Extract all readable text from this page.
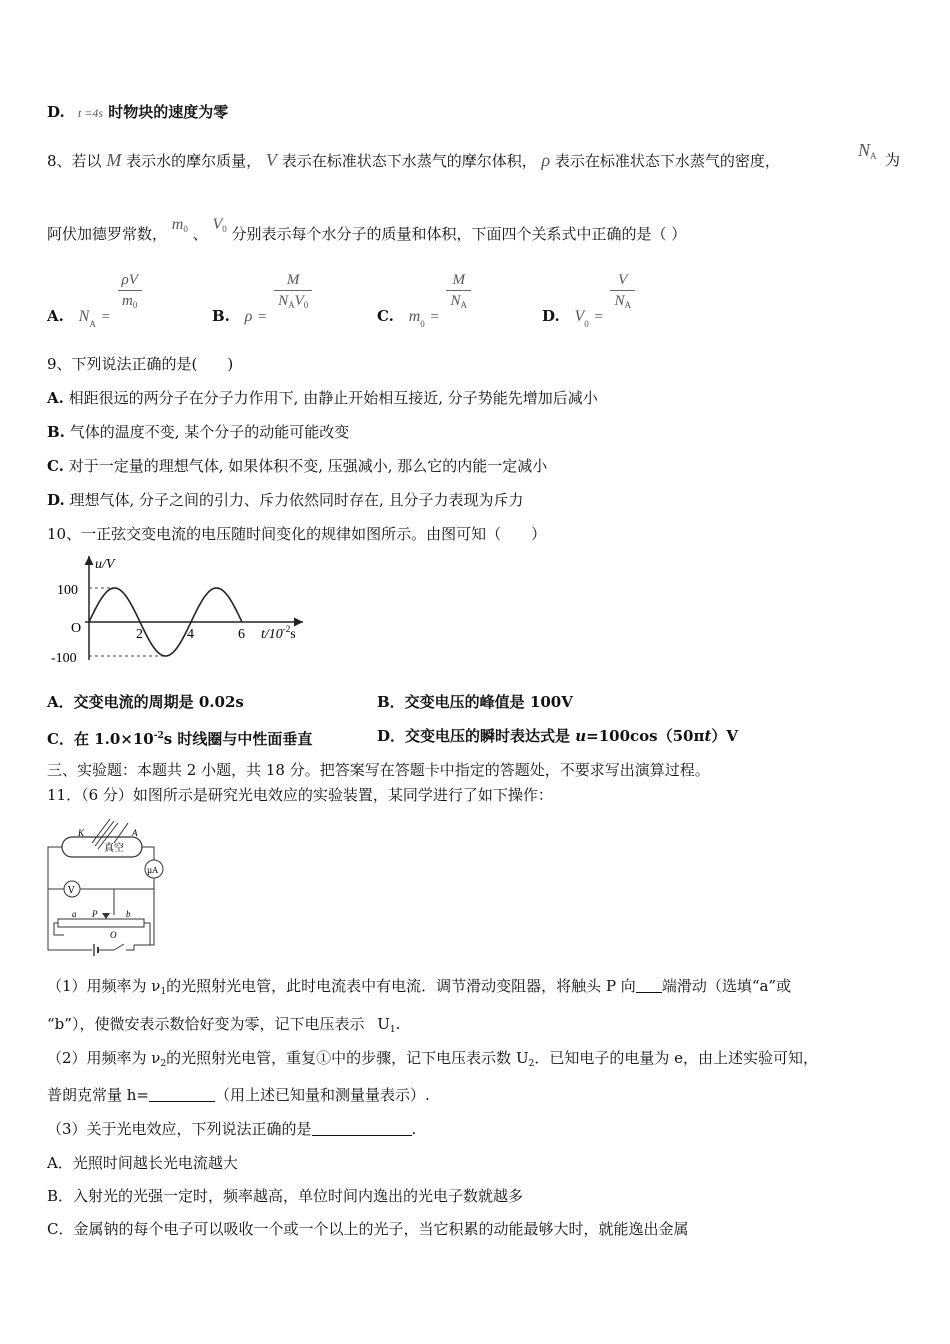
D. t =4s 时物块的速度为零
8、若以 M 表示水的摩尔质量， V 表示在标准状态下水蒸气的摩尔体积， ρ 表示在标准状态下水蒸气的密度，
$N_A$ 为
阿伏加德罗常数， $m_0$ 、 $V_0$ 分别表示每个水分子的质量和体积，下面四个关系式中正确的是（ ）
A. $N_A$ =
$\frac{\rho V}{m_0}$
B. ρ =
$\frac{M}{N_AV_0}$
C. $m_0$ =
$\frac{M}{N_A}$
D. $V_0$ =
$\frac{V}{N_A}$
9、下列说法正确的是(　　)
A. 相距很远的两分子在分子力作用下, 由静止开始相互接近, 分子势能先增加后减小
B. 气体的温度不变, 某个分子的动能可能改变
C. 对于一定量的理想气体, 如果体积不变, 压强减小, 那么它的内能一定减小
D. 理想气体, 分子之间的引力、斥力依然同时存在, 且分子力表现为斥力
10、一正弦交变电流的电压随时间变化的规律如图所示。由图可知（　　）
u/V
O
100
-100
2	4	6 $t/10^{-2}s$
A．交变电流的周期是 0.02s	B．交变电压的峰值是 100V
C．在 $1.0\times 10^{-2}s$ 时线圈与中性面垂直	D．交变电压的瞬时表达式是 u=100cos（50πt）V
三、实验题：本题共 2 小题，共 18 分。把答案写在答题卡中指定的答题处，不要求写出演算过程。
11．（6 分）如图所示是研究光电效应的实验装置，某同学进行了如下操作：
K	A
真空
μA
V
a P	b
O
（1）用频率为 $\nu_1$的光照射光电管，此时电流表中有电流．调节滑动变阻器，将触头 P 向 端滑动（选填“a”或
“b”），使微安表示数恰好变为零，记下电压表示 $U_1$.
（2）用频率为 $\nu_2$的光照射光电管，重复①中的步骤，记下电压表示数 $U_2$．已知电子的电量为 e，由上述实验可知，
普朗克常量 h=	（用上述已知量和测量量表示）.
（3）关于光电效应，下列说法正确的是	.
A．光照时间越长光电流越大
B．入射光的光强一定时，频率越高，单位时间内逸出的光电子数就越多
C．金属钠的每个电子可以吸收一个或一个以上的光子，当它积累的动能最够大时，就能逸出金属
